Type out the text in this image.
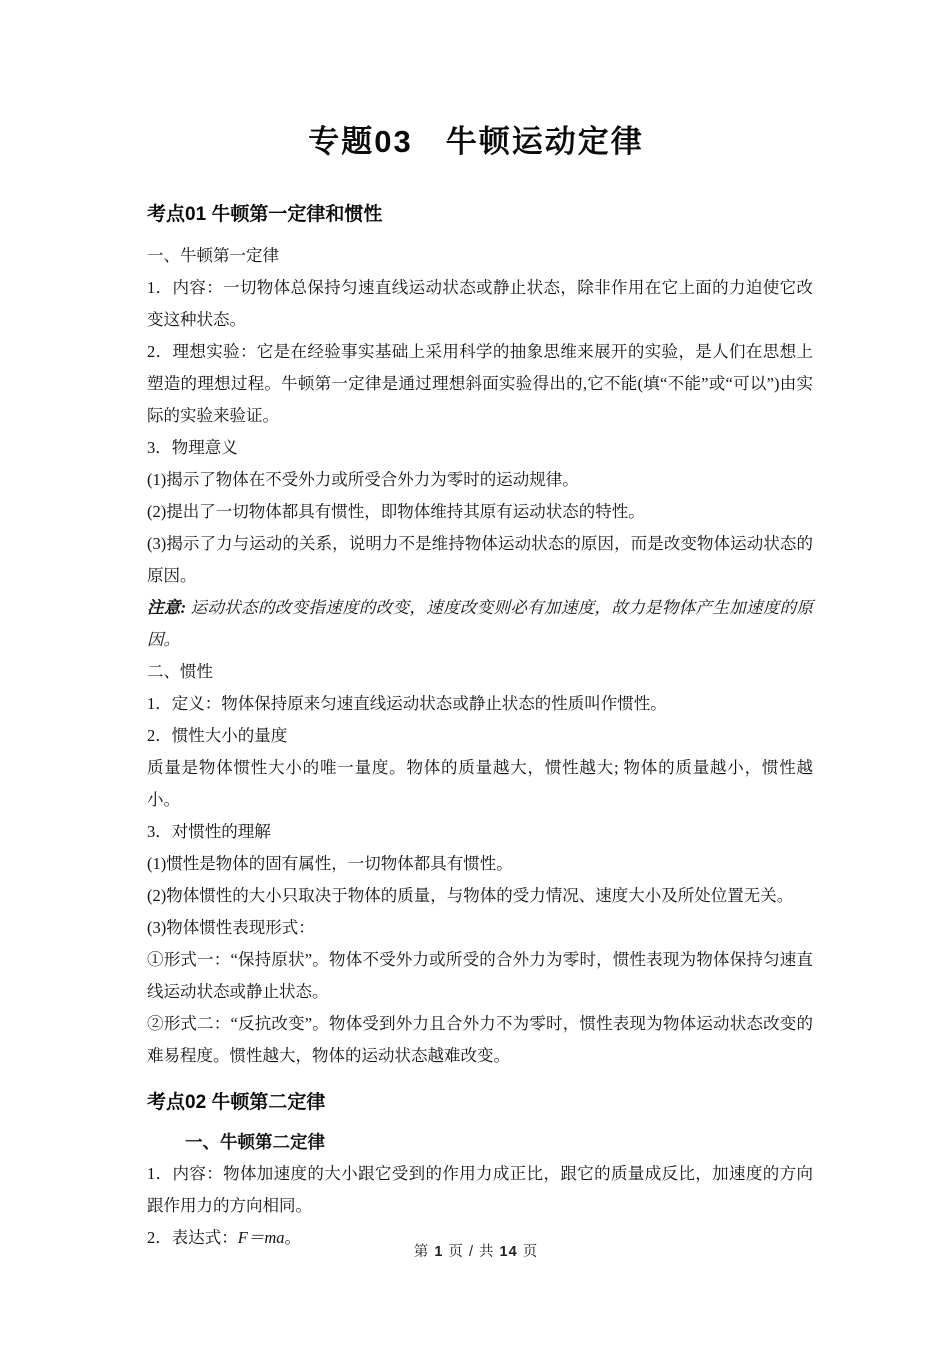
专题03　牛顿运动定律
考点01 牛顿第一定律和惯性

一、牛顿第一定律

1．内容：一切物体总保持匀速直线运动状态或静止状态，除非作用在它上面的力迫使它改变这种状态。

2．理想实验：它是在经验事实基础上采用科学的抽象思维来展开的实验，是人们在思想上塑造的理想过程。牛顿第一定律是通过理想斜面实验得出的,它不能(填“不能”或“可以”)由实际的实验来验证。

3．物理意义

(1)揭示了物体在不受外力或所受合外力为零时的运动规律。

(2)提出了一切物体都具有惯性，即物体维持其原有运动状态的特性。

(3)揭示了力与运动的关系，说明力不是维持物体运动状态的原因，而是改变物体运动状态的原因。

注意: 运动状态的改变指速度的改变，速度改变则必有加速度，故力是物体产生加速度的原因。

二、惯性

1．定义：物体保持原来匀速直线运动状态或静止状态的性质叫作惯性。

2．惯性大小的量度

质量是物体惯性大小的唯一量度。物体的质量越大，惯性越大; 物体的质量越小，惯性越小。

3．对惯性的理解

(1)惯性是物体的固有属性，一切物体都具有惯性。

(2)物体惯性的大小只取决于物体的质量，与物体的受力情况、速度大小及所处位置无关。

(3)物体惯性表现形式：

①形式一：“保持原状”。物体不受外力或所受的合外力为零时，惯性表现为物体保持匀速直线运动状态或静止状态。

②形式二：“反抗改变”。物体受到外力且合外力不为零时，惯性表现为物体运动状态改变的难易程度。惯性越大，物体的运动状态越难改变。

考点02 牛顿第二定律

一、牛顿第二定律

1．内容：物体加速度的大小跟它受到的作用力成正比，跟它的质量成反比，加速度的方向跟作用力的方向相同。

2．表达式：F＝ma。

第 1 页 / 共 14 页
